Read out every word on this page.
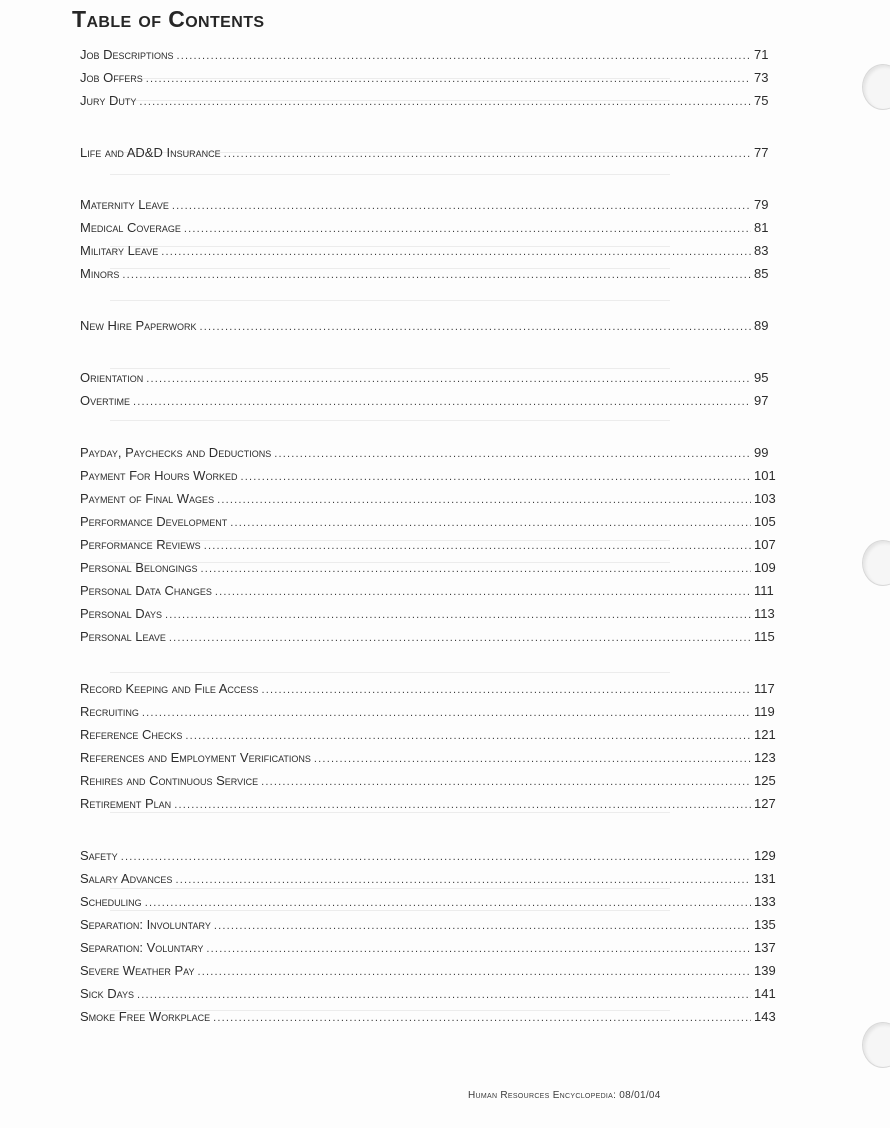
Table of Contents
Job Descriptions .....	71
Job Offers .....	73
Jury Duty .....	75
Life and AD&D Insurance .....	77
Maternity Leave .....	79
Medical Coverage .....	81
Military Leave .....	83
Minors .....	85
New Hire Paperwork .....	89
Orientation .....	95
Overtime .....	97
Payday, Paychecks and Deductions .....	99
Payment For Hours Worked .....	101
Payment of Final Wages .....	103
Performance Development .....	105
Performance Reviews .....	107
Personal Belongings .....	109
Personal Data Changes .....	111
Personal Days .....	113
Personal Leave .....	115
Record Keeping and File Access .....	117
Recruiting .....	119
Reference Checks .....	121
References and Employment Verifications .....	123
Rehires and Continuous Service .....	125
Retirement Plan .....	127
Safety .....	129
Salary Advances .....	131
Scheduling .....	133
Separation: Involuntary .....	135
Separation: Voluntary .....	137
Severe Weather Pay .....	139
Sick Days .....	141
Smoke Free Workplace .....	143
Human Resources Encyclopedia: 08/01/04
